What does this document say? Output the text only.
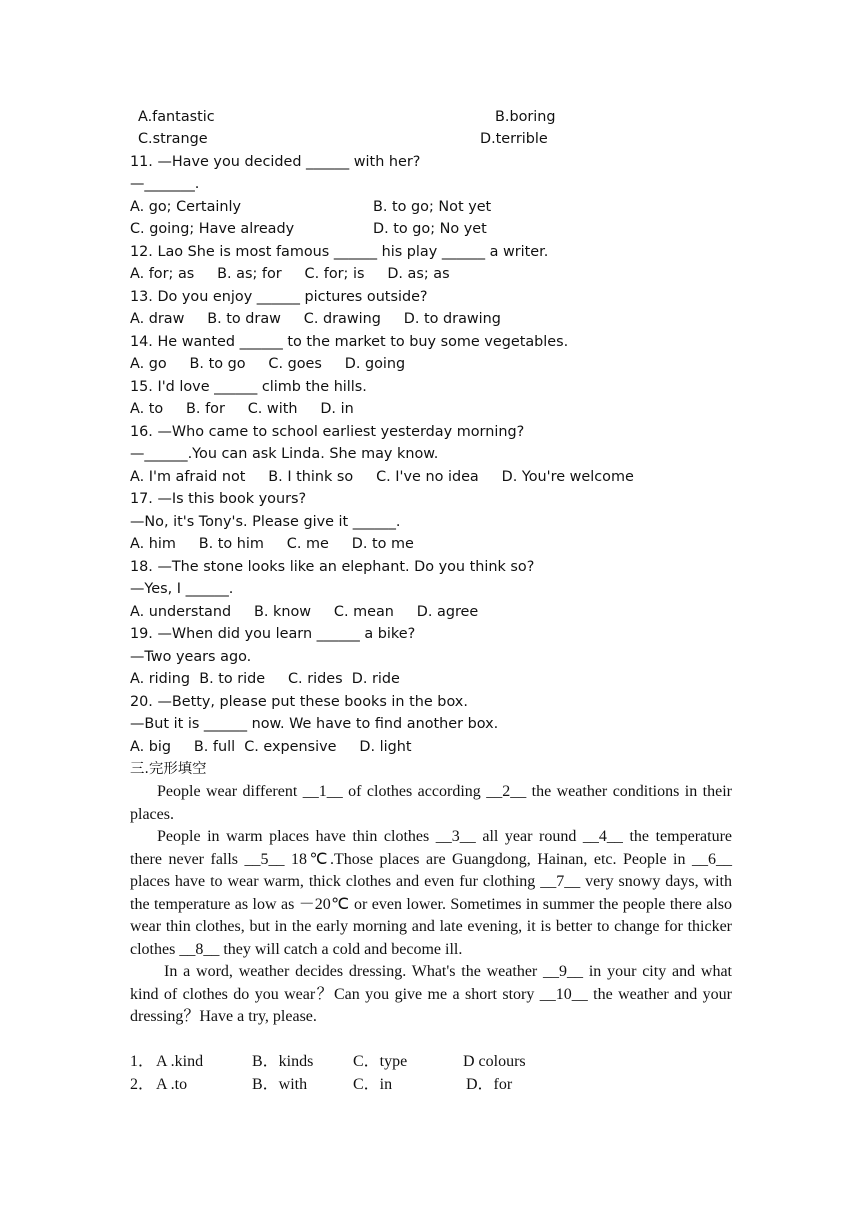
A.fantastic	B.boring
C.strange	D.terrible
11. —Have you decided ______ with her?
—_______.
A. go; Certainly	B. to go; Not yet
C. going; Have already	D. to go; No yet
12. Lao She is most famous ______ his play ______ a writer.
A. for; as     B. as; for     C. for; is     D. as; as
13. Do you enjoy ______ pictures outside?
A. draw     B. to draw     C. drawing     D. to drawing
14. He wanted ______ to the market to buy some vegetables.
A. go     B. to go     C. goes     D. going
15. I'd love ______ climb the hills.
A. to     B. for     C. with     D. in
16. —Who came to school earliest yesterday morning?
—______.You can ask Linda. She may know.
A. I'm afraid not     B. I think so     C. I've no idea     D. You're welcome
17. —Is this book yours?
—No, it's Tony's. Please give it ______.
A. him     B. to him     C. me     D. to me
18. —The stone looks like an elephant. Do you think so?
—Yes, I ______.
A. understand     B. know     C. mean     D. agree
19. —When did you learn ______ a bike?
—Two years ago.
A. riding  B. to ride     C. rides  D. ride
20. —Betty, please put these books in the box.
—But it is ______ now. We have to find another box.
A. big     B. full  C. expensive     D. light
三.完形填空

People wear different __1__ of clothes according __2__ the weather conditions in their places.

People in warm places have thin clothes __3__ all year round __4__ the temperature there never falls __5__ 18℃.Those places are Guangdong, Hainan, etc. People in __6__ places have to wear warm, thick clothes and even fur clothing __7__ very snowy days, with the temperature as low as －20℃ or even lower. Sometimes in summer the people there also wear thin clothes, but in the early morning and late evening, it is better to change for thicker clothes __8__ they will catch a cold and become ill.

In a word, weather decides dressing. What's the weather __9__ in your city and what kind of clothes do you wear？Can you give me a short story __10__ the weather and your dressing？Have a try, please.

1． A .kind	B．kinds C．type	D colours
2． A .to	B．with	C．in	D．for
